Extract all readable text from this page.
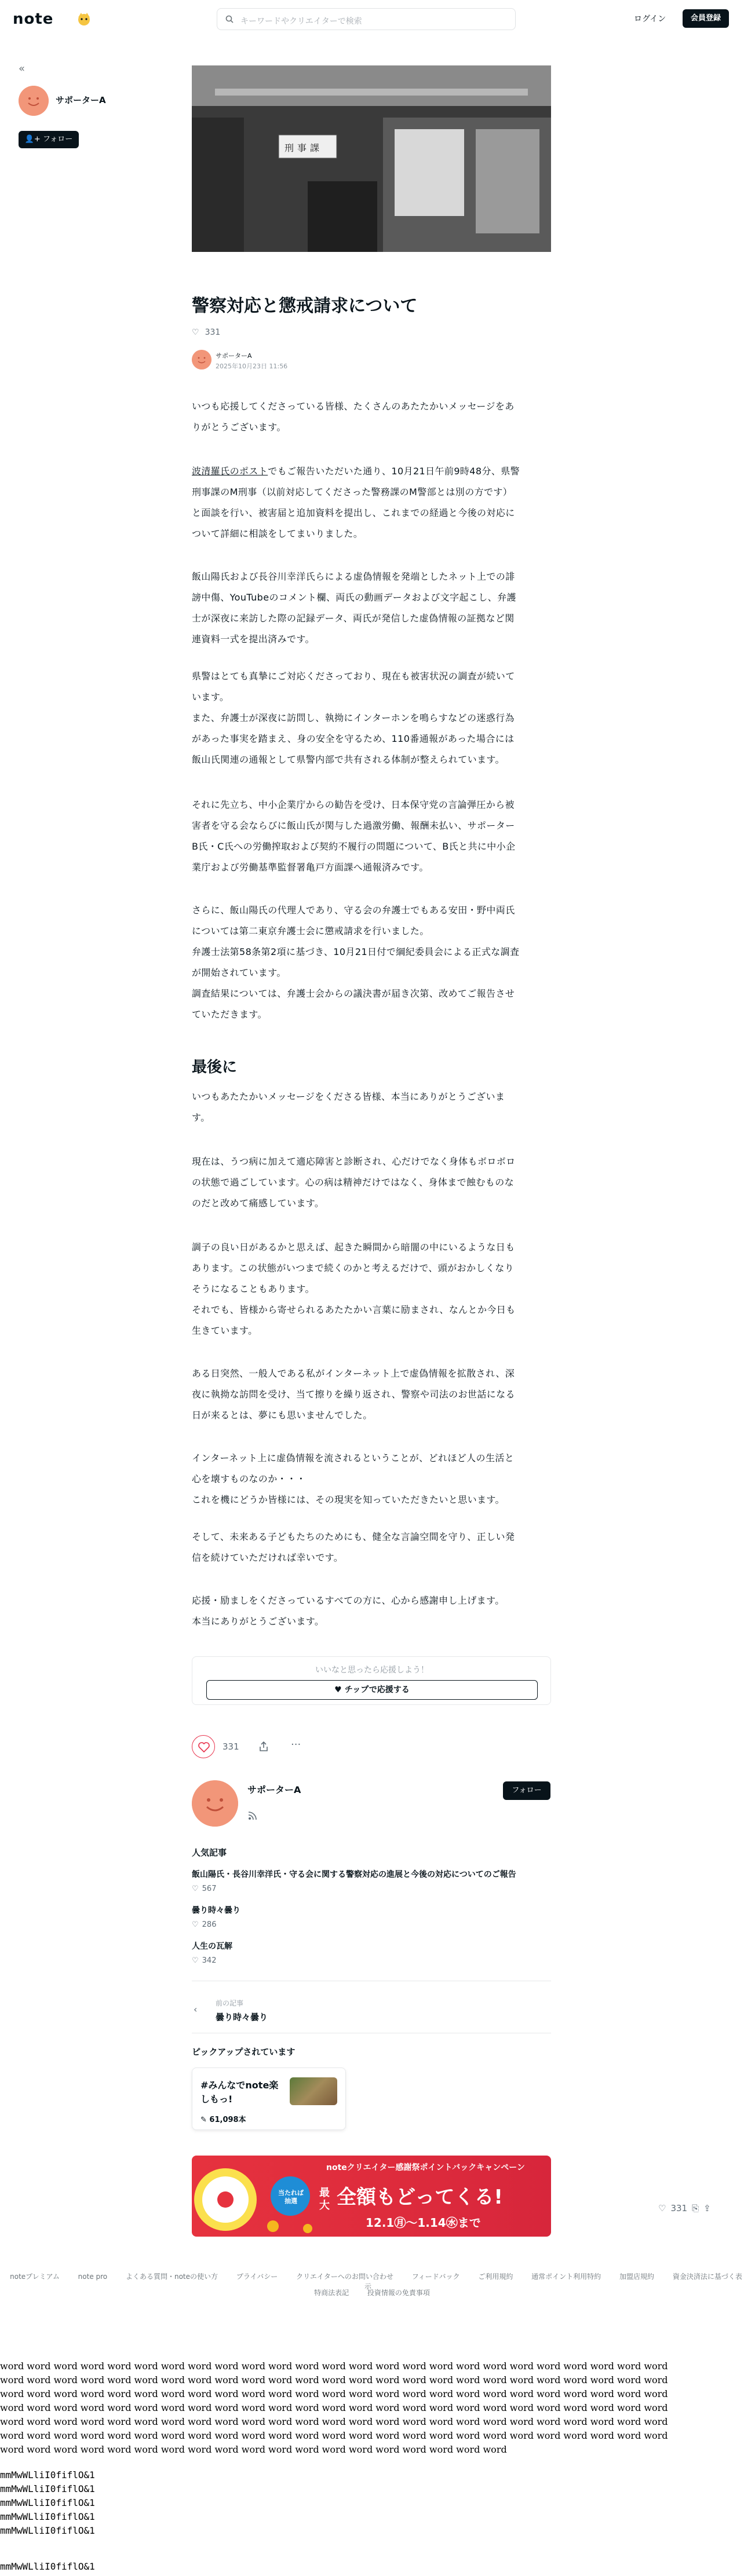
note	キーワードやクリエイターで検索	ログイン	会員登録
«
サポーターA
👤+ フォロー
刑事課
警察対応と懲戒請求について
♡ 331
サポーターA
2025年10月23日 11:56
いつも応援してくださっている皆様、たくさんのあたたかいメッセージをあ
りがとうございます。
波清羅氏のポストでもご報告いただいた通り、10月21日午前9時48分、県警
刑事課のM刑事（以前対応してくださった警務課のM警部とは別の方です）
と面談を行い、被害届と追加資料を提出し、これまでの経過と今後の対応に
ついて詳細に相談をしてまいりました。
飯山陽氏および長谷川幸洋氏らによる虚偽情報を発端としたネット上での誹
謗中傷、YouTubeのコメント欄、両氏の動画データおよび文字起こし、弁護
士が深夜に来訪した際の記録データ、両氏が発信した虚偽情報の証拠など関
連資料一式を提出済みです。
県警はとても真摯にご対応くださっており、現在も被害状況の調査が続いて
います。
また、弁護士が深夜に訪問し、執拗にインターホンを鳴らすなどの迷惑行為
があった事実を踏まえ、身の安全を守るため、110番通報があった場合には
飯山氏関連の通報として県警内部で共有される体制が整えられています。
それに先立ち、中小企業庁からの勧告を受け、日本保守党の言論弾圧から被
害者を守る会ならびに飯山氏が関与した過激労働、報酬未払い、サポーター
B氏・C氏への労働搾取および契約不履行の問題について、B氏と共に中小企
業庁および労働基準監督署亀戸方面課へ通報済みです。
さらに、飯山陽氏の代理人であり、守る会の弁護士でもある安田・野中両氏
については第二東京弁護士会に懲戒請求を行いました。
弁護士法第58条第2項に基づき、10月21日付で綱紀委員会による正式な調査
が開始されています。
調査結果については、弁護士会からの議決書が届き次第、改めてご報告させ
ていただきます。
最後に
いつもあたたかいメッセージをくださる皆様、本当にありがとうございま
す。
現在は、うつ病に加えて適応障害と診断され、心だけでなく身体もボロボロ
の状態で過ごしています。心の病は精神だけではなく、身体まで蝕むものな
のだと改めて痛感しています。
調子の良い日があるかと思えば、起きた瞬間から暗闇の中にいるような日も
あります。この状態がいつまで続くのかと考えるだけで、頭がおかしくなり
そうになることもあります。
それでも、皆様から寄せられるあたたかい言葉に励まされ、なんとか今日も
生きています。
ある日突然、一般人である私がインターネット上で虚偽情報を拡散され、深
夜に執拗な訪問を受け、当て擦りを繰り返され、警察や司法のお世話になる
日が来るとは、夢にも思いませんでした。
インターネット上に虚偽情報を流されるということが、どれほど人の生活と
心を壊すものなのか・・・
これを機にどうか皆様には、その現実を知っていただきたいと思います。
そして、未来ある子どもたちのためにも、健全な言論空間を守り、正しい発
信を続けていただければ幸いです。
応援・励ましをくださっているすべての方に、心から感謝申し上げます。
本当にありがとうございます。
いいなと思ったら応援しよう！
♥ チップで応援する
331	···
サポーターA	フォロー
人気記事
飯山陽氏・長谷川幸洋氏・守る会に関する警察対応の進展と今後の対応についてのご報告
♡ 567
曇り時々曇り
♡ 286
人生の瓦解
♡ 342
‹
前の記事
曇り時々曇り
ピックアップされています
#みんなでnote楽しもっ!
✎ 61,098本
noteクリエイター感謝祭ポイントバックキャンペーン
当たれば抽選
最大 全額もどってくる!
12.1㊊～1.14㊌まで
♡ 331 ⎘ ⇪
noteプレミアム	note pro	よくある質問・noteの使い方	プライバシー	クリエイターへのお問い合わせ	フィードバック	ご利用規約	通常ポイント利用特約	加盟店規約	資金決済法に基づく表示
特商法表記	投資情報の免責事項
word word word word word word word word word word word word word word word word word word word word word word word word word
word word word word word word word word word word word word word word word word word word word word word word word word word
word word word word word word word word word word word word word word word word word word word word word word word word word
word word word word word word word word word word word word word word word word word word word word word word word word word
word word word word word word word word word word word word word word word word word word word word word word word word word
word word word word word word word word word word word word word word word word word word word word word word word word word
word word word word word word word word word word word word word word word word word word word
mmMwWLliI0fiflO&1
mmMwWLliI0fiflO&1
mmMwWLliI0fiflO&1
mmMwWLliI0fiflO&1
mmMwWLliI0fiflO&1
mmMwWLliI0fiflO&1
